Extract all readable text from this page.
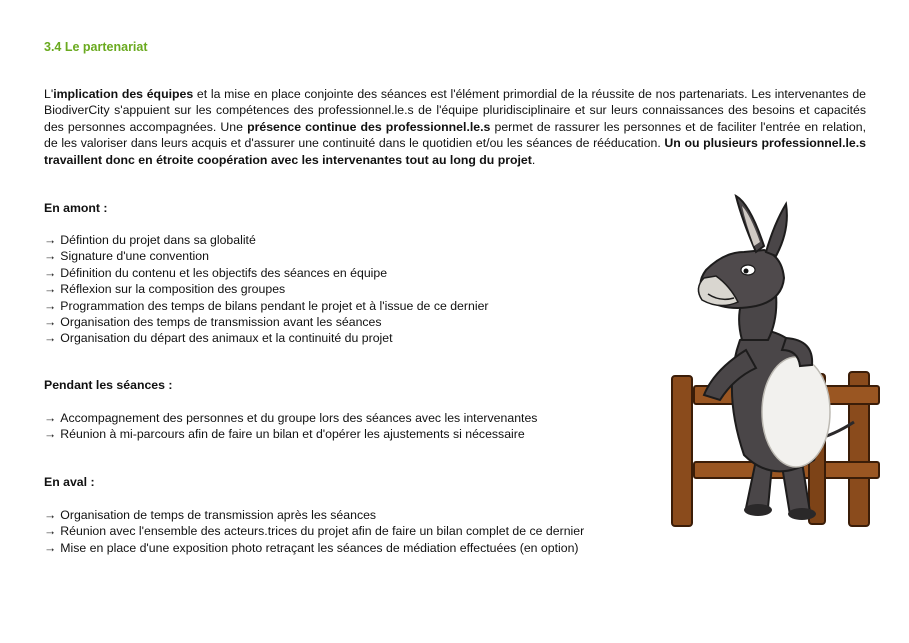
3.4 Le partenariat

L'implication des équipes et la mise en place conjointe des séances est l'élément primordial de la réussite de nos partenariats. Les intervenantes de BiodiverCity s'appuient sur les compétences des professionnel.le.s de l'équipe pluridisciplinaire et sur leurs connaissances des besoins et capacités des personnes accompagnées. Une présence continue des professionnel.le.s permet de rassurer les personnes et de faciliter l'entrée en relation, de les valoriser dans leurs acquis et d'assurer une continuité dans le quotidien et/ou les séances de rééducation. Un ou plusieurs professionnel.le.s travaillent donc en étroite coopération avec les intervenantes tout au long du projet.

En amont :
→ Défintion du projet dans sa globalité
→ Signature d'une convention
→ Définition du contenu et les objectifs des séances en équipe
→ Réflexion sur la composition des groupes
→ Programmation des temps de bilans pendant le projet et à l'issue de ce dernier
→ Organisation des temps de transmission avant les séances
→ Organisation du départ des animaux et la continuité du projet
Pendant les séances :
→ Accompagnement des personnes et du groupe lors des séances avec les intervenantes
→ Réunion à mi-parcours afin de faire un bilan et d'opérer les ajustements si nécessaire
En aval :
→ Organisation de temps de transmission après les séances
→ Réunion avec l'ensemble des acteurs.trices du projet afin de faire un bilan complet de ce dernier
→ Mise en place d'une exposition photo retraçant les séances de médiation effectuées (en option)
